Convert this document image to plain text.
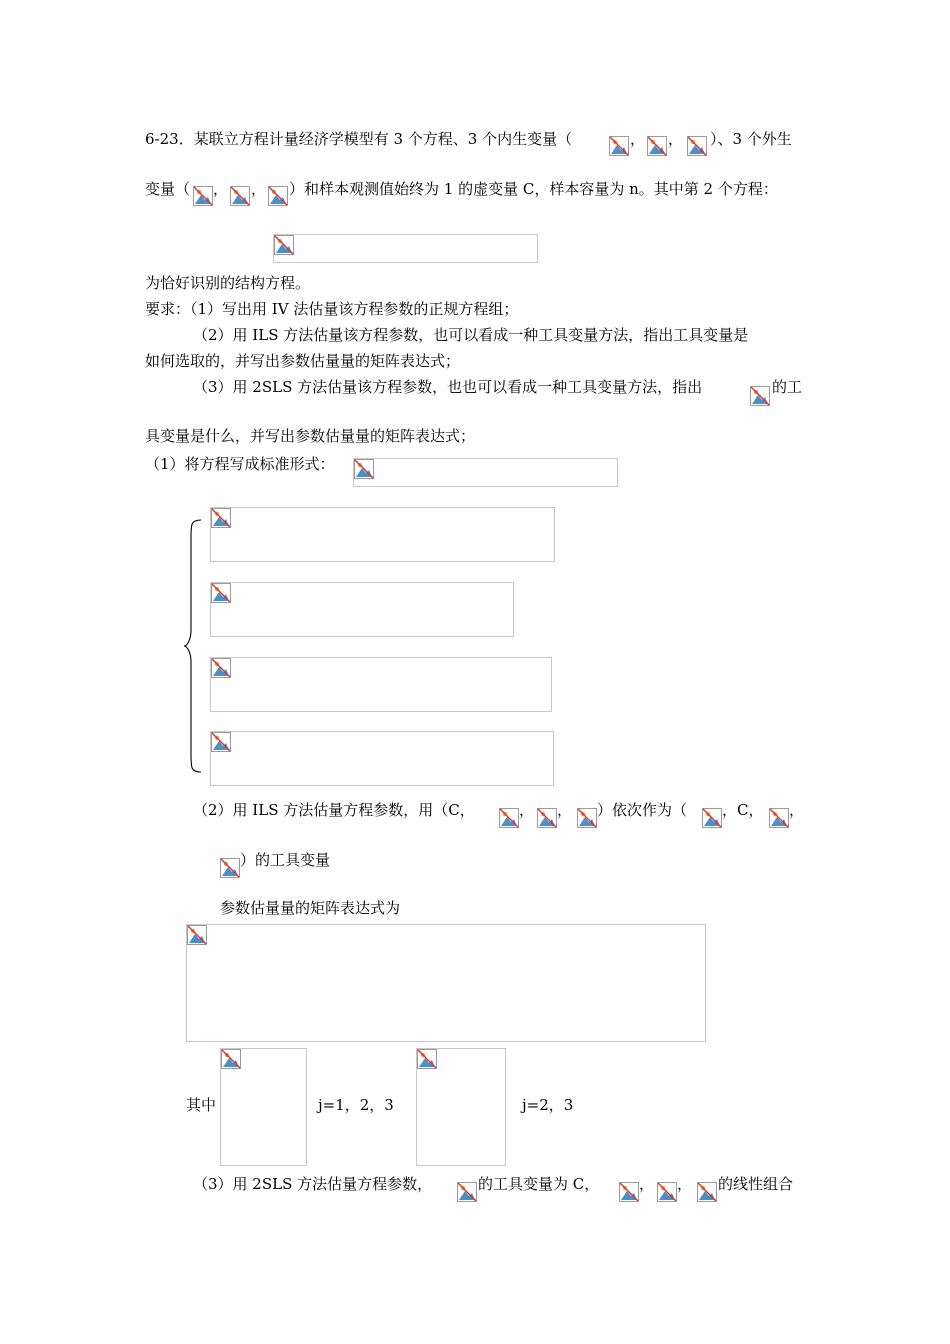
6-23．某联立方程计量经济学模型有 3 个方程、3 个内生变量（	， ， ）、3 个外生
变量（ ， ， ）和样本观测值始终为 1 的虚变量 C，样本容量为 n。其中第 2 个方程：
为恰好识别的结构方程。
要求：（1）写出用 IV 法估量该方程参数的正规方程组；
（2）用 ILS 方法估量该方程参数，也可以看成一种工具变量方法，指出工具变量是
如何选取的，并写出参数估量量的矩阵表达式；
（3）用 2SLS 方法估量该方程参数，也也可以看成一种工具变量方法，指出	的工
具变量是什么，并写出参数估量量的矩阵表达式；
（1）将方程写成标准形式：
（2）用 ILS 方法估量方程参数，用（C，	， ， ）依次作为（ ，C， ，
）的工具变量
参数估量量的矩阵表达式为
其中	j=1，2，3	j=2，3
（3）用 2SLS 方法估量方程参数，	的工具变量为 C，	， ， 的线性组合
